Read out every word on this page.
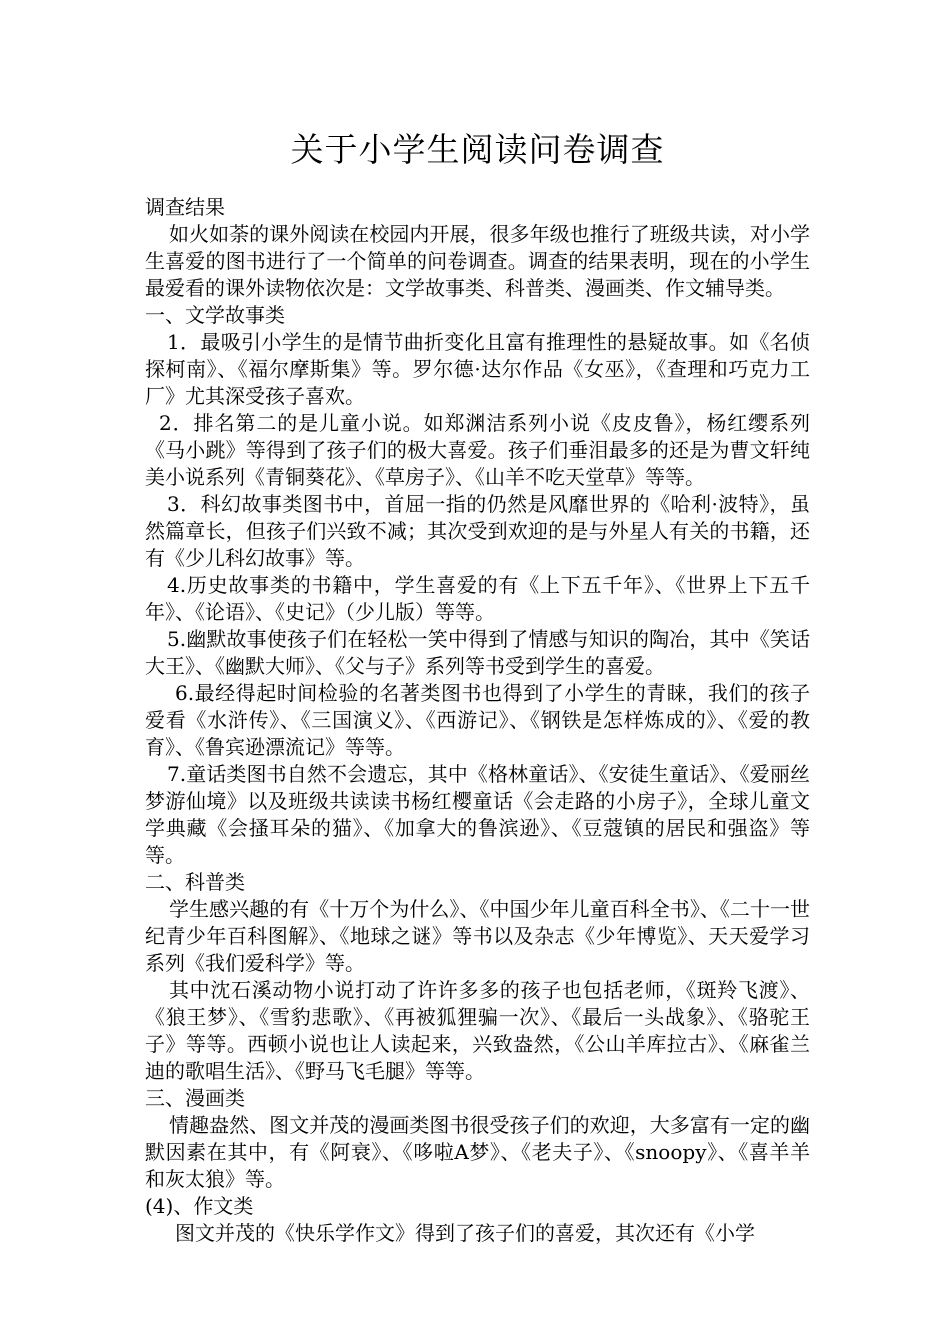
关于小学生阅读问卷调查

调查结果

如火如荼的课外阅读在校园内开展，很多年级也推行了班级共读，对小学生喜爱的图书进行了一个简单的问卷调查。调查的结果表明，现在的小学生最爱看的课外读物依次是：文学故事类、科普类、漫画类、作文辅导类。

一、文学故事类

1．最吸引小学生的是情节曲折变化且富有推理性的悬疑故事。如《名侦探柯南》、《福尔摩斯集》等。罗尔德·达尔作品《女巫》，《查理和巧克力工厂》尤其深受孩子喜欢。

2．排名第二的是儿童小说。如郑渊洁系列小说《皮皮鲁》，杨红缨系列《马小跳》等得到了孩子们的极大喜爱。孩子们垂泪最多的还是为曹文轩纯美小说系列《青铜葵花》、《草房子》、《山羊不吃天堂草》等等。

3．科幻故事类图书中，首屈一指的仍然是风靡世界的《哈利·波特》，虽然篇章长，但孩子们兴致不减；其次受到欢迎的是与外星人有关的书籍，还有《少儿科幻故事》等。

4.历史故事类的书籍中，学生喜爱的有《上下五千年》、《世界上下五千年》、《论语》、《史记》（少儿版）等等。

5.幽默故事使孩子们在轻松一笑中得到了情感与知识的陶冶，其中《笑话大王》、《幽默大师》、《父与子》系列等书受到学生的喜爱。

6.最经得起时间检验的名著类图书也得到了小学生的青睐，我们的孩子爱看《水浒传》、《三国演义》、《西游记》、《钢铁是怎样炼成的》、《爱的教育》、《鲁宾逊漂流记》等等。

7.童话类图书自然不会遗忘，其中《格林童话》、《安徒生童话》、《爱丽丝梦游仙境》以及班级共读读书杨红樱童话《会走路的小房子》，全球儿童文学典藏《会搔耳朵的猫》、《加拿大的鲁滨逊》、《豆蔻镇的居民和强盗》等等。

二、科普类

学生感兴趣的有《十万个为什么》、《中国少年儿童百科全书》、《二十一世纪青少年百科图解》、《地球之谜》等书以及杂志《少年博览》、天天爱学习系列《我们爱科学》等。

其中沈石溪动物小说打动了许许多多的孩子也包括老师，《斑羚飞渡》、《狼王梦》、《雪豹悲歌》、《再被狐狸骗一次》、《最后一头战象》、《骆驼王子》等等。西顿小说也让人读起来，兴致盎然，《公山羊库拉古》、《麻雀兰迪的歌唱生活》、《野马飞毛腿》等等。

三、漫画类

情趣盎然、图文并茂的漫画类图书很受孩子们的欢迎，大多富有一定的幽默因素在其中，有《阿衰》、《哆啦A梦》、《老夫子》、《snoopy》、《喜羊羊和灰太狼》等。

(4)、作文类

图文并茂的《快乐学作文》得到了孩子们的喜爱，其次还有《小学
